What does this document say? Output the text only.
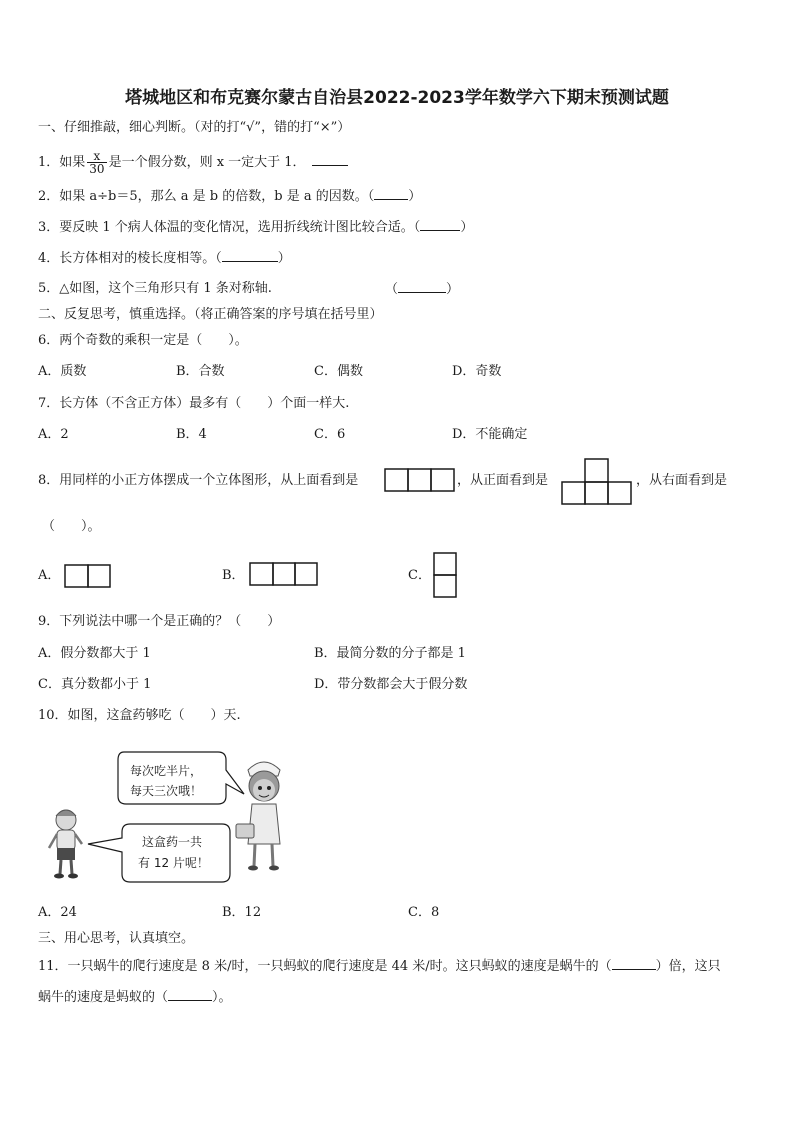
塔城地区和布克赛尔蒙古自治县2022-2023学年数学六下期末预测试题
一、仔细推敲，细心判断。（对的打“√”，错的打“×”）
1．如果 $\frac{x}{30}$ 是一个假分数，则 x 一定大于 1．
2．如果 a÷b＝5，那么 a 是 b 的倍数，b 是 a 的因数。（	）
3．要反映 1 个病人体温的变化情况，选用折线统计图比较合适。（	）
4．长方体相对的棱长度相等。（	）
5．△如图，这个三角形只有 1 条对称轴.	（	）
二、反复思考，慎重选择。（将正确答案的序号填在括号里）
6．两个奇数的乘积一定是（　　）。
A．质数	B．合数	C．偶数	D．奇数
7．长方体（不含正方体）最多有（　　）个面一样大.
A．2	B．4	C．6	D．不能确定
8．用同样的小正方体摆成一个立体图形，从上面看到是	，从正面看到是	，从右面看到是
（　　）。
A．	B．	C．
9．下列说法中哪一个是正确的？（　　）
A．假分数都大于 1	B．最简分数的分子都是 1
C．真分数都小于 1	D．带分数都会大于假分数
10．如图，这盒药够吃（　　）天.
每次吃半片，
每天三次哦！
这盒药一共
有 12 片呢！
A．24	B．12	C．8
三、用心思考，认真填空。
11．一只蜗牛的爬行速度是 8 米/时，一只蚂蚁的爬行速度是 44 米/时。这只蚂蚁的速度是蜗牛的（	）倍，这只
蜗牛的速度是蚂蚁的（	）。
